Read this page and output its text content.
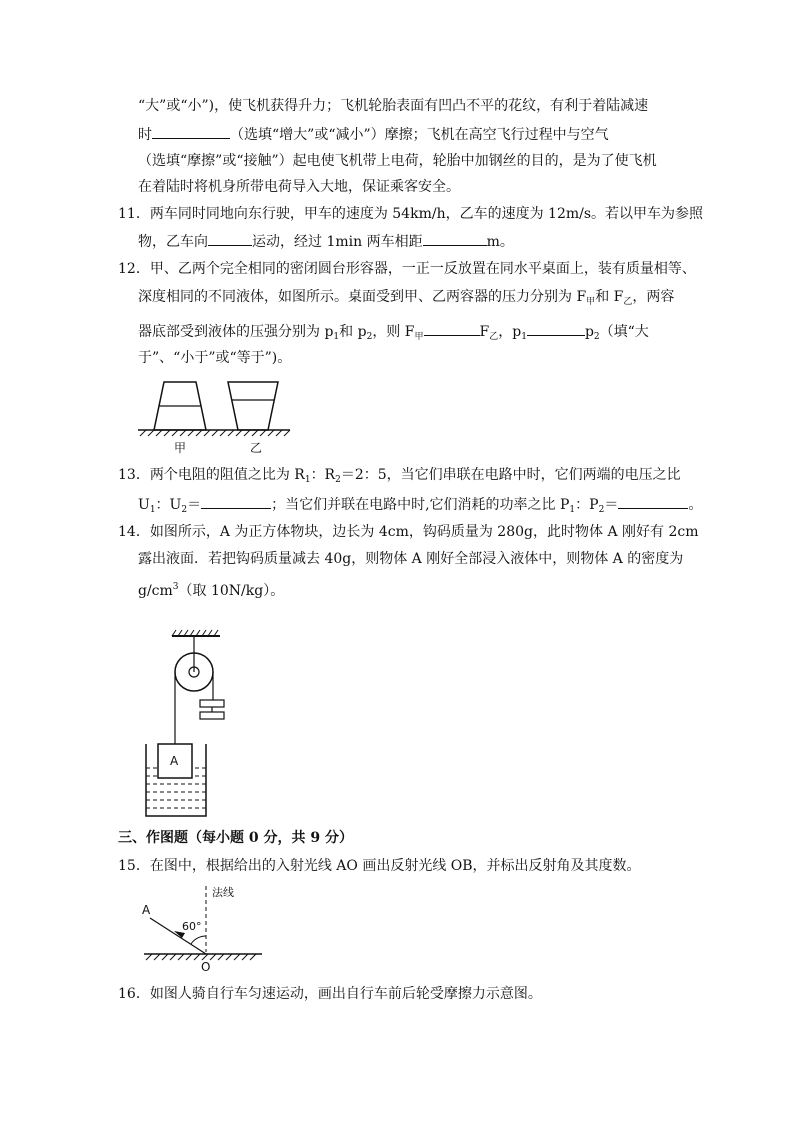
“大”或“小”)，使飞机获得升力；飞机轮胎表面有凹凸不平的花纹，有利于着陆减速
时	（选填“增大”或“减小”）摩擦；飞机在高空飞行过程中与空气
（选填“摩擦”或“接触”）起电使飞机带上电荷，轮胎中加钢丝的目的，是为了使飞机
在着陆时将机身所带电荷导入大地，保证乘客安全。
11．两车同时同地向东行驶，甲车的速度为 54km/h，乙车的速度为 12m/s。若以甲车为参照
物，乙车向	运动，经过 1min 两车相距	m。
12．甲、乙两个完全相同的密闭圆台形容器，一正一反放置在同水平桌面上，装有质量相等、
深度相同的不同液体，如图所示。桌面受到甲、乙两容器的压力分别为 $F_甲$和 $F_乙$，两容
器底部受到液体的压强分别为 $p_1$和 $p_2$，则 $F_甲$	$F_乙$，$p_1$	$p_2$（填“大
于”、“小于”或“等于”)。
甲	乙
13．两个电阻的阻值之比为 $R_1$：$R_2=2$：5，当它们串联在电路中时，它们两端的电压之比
$U_1$：$U_2=$	；当它们并联在电路中时,它们消耗的功率之比 $P_1$：$P_2=$	。
14．如图所示，A 为正方体物块，边长为 4cm，钩码质量为 280g，此时物体 A 刚好有 2cm
露出液面．若把钩码质量减去 40g，则物体 A 刚好全部浸入液体中，则物体 A 的密度为
$g/cm^3$（取 10N/kg）。
A
三、作图题（每小题 0 分，共 9 分）
15．在图中，根据给出的入射光线 AO 画出反射光线 OB，并标出反射角及其度数。
法线
A
60°
O
16．如图人骑自行车匀速运动，画出自行车前后轮受摩擦力示意图。
